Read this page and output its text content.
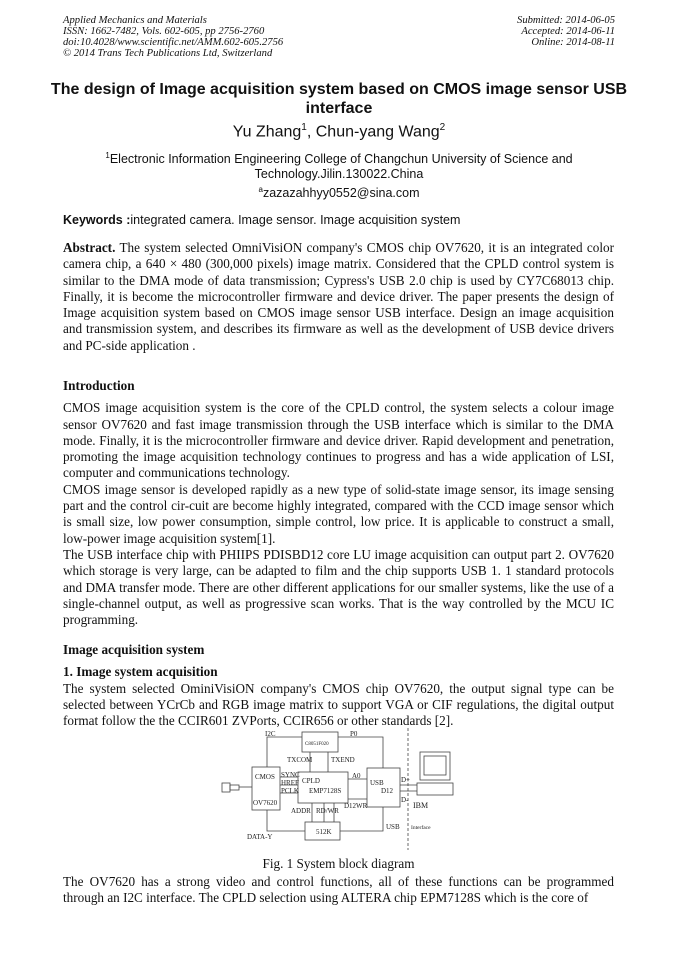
Applied Mechanics and Materials
ISSN: 1662-7482, Vols. 602-605, pp 2756-2760
doi:10.4028/www.scientific.net/AMM.602-605.2756
© 2014 Trans Tech Publications Ltd, Switzerland
Submitted: 2014-06-05
Accepted: 2014-06-11
Online: 2014-08-11
The design of Image acquisition system based on CMOS image sensor USB interface
Yu Zhang$^1$, Chun-yang Wang$^2$
$^1$Electronic Information Engineering College of Changchun University of Science and Technology.Jilin.130022.China
$^a$zazazahhyy0552@sina.com
Keywords :integrated camera. Image sensor. Image acquisition system

Abstract. The system selected OmniVisiON company's CMOS chip OV7620, it is an integrated color camera chip, a 640 × 480 (300,000 pixels) image matrix. Considered that the CPLD control system is similar to the DMA mode of data transmission; Cypress's USB 2.0 chip is used by CY7C68013 chip. Finally, it is become the microcontroller firmware and device driver. The paper presents the design of Image acquisition system based on CMOS image sensor USB interface. Design an image acquisition and transmission system, and describes its firmware as well as the development of USB device drivers and PC-side application .

Introduction

CMOS image acquisition system is the core of the CPLD control, the system selects a colour image sensor OV7620 and fast image transmission through the USB interface which is similar to the DMA mode. Finally, it is the microcontroller firmware and device driver. Rapid development and penetration, promoting the image acquisition technology continues to progress and has a wide application of LSI, computer and communications technology.

CMOS image sensor is developed rapidly as a new type of solid-state image sensor, its image sensing part and the control cir-cuit are become highly integrated, compared with the CCD image sensor which is small size, low power consumption, simple control, low price. It is applicable to construct a small, low-power image acquisition system[1].

The USB interface chip with PHIIPS PDISBD12 core LU image acquisition can output part 2. OV7620 which storage is very large, can be adapted to film and the chip supports USB 1. 1 standard protocols and DMA transfer mode. There are other different applications for our smaller systems, like the use of a single-channel output, as well as progressive scan works. That is the way controlled by the MCU IC programming.

Image acquisition system
1. Image system acquisition

The system selected OminiVisiON company's CMOS chip OV7620, the output signal type can be selected between YCrCb and RGB image matrix to support VGA or CIF regulations, the digital output format follow the the CCIR601 ZVPorts, CCIR656 or other standards [2].

I2C	P0
C8051F020
TXCOM	TXEND
CMOS
OV7620
SYNC
HREF
PCLK
CPLD
EMP7128S
A0
USB
D12
D+
D-
D12WR
ADDR RD/WR
512K
DATA-Y
USB Interface
IBM
Fig. 1 System block diagram

The OV7620 has a strong video and control functions, all of these functions can be programmed through an I2C interface. The CPLD selection using ALTERA chip EPM7128S which is the core of
